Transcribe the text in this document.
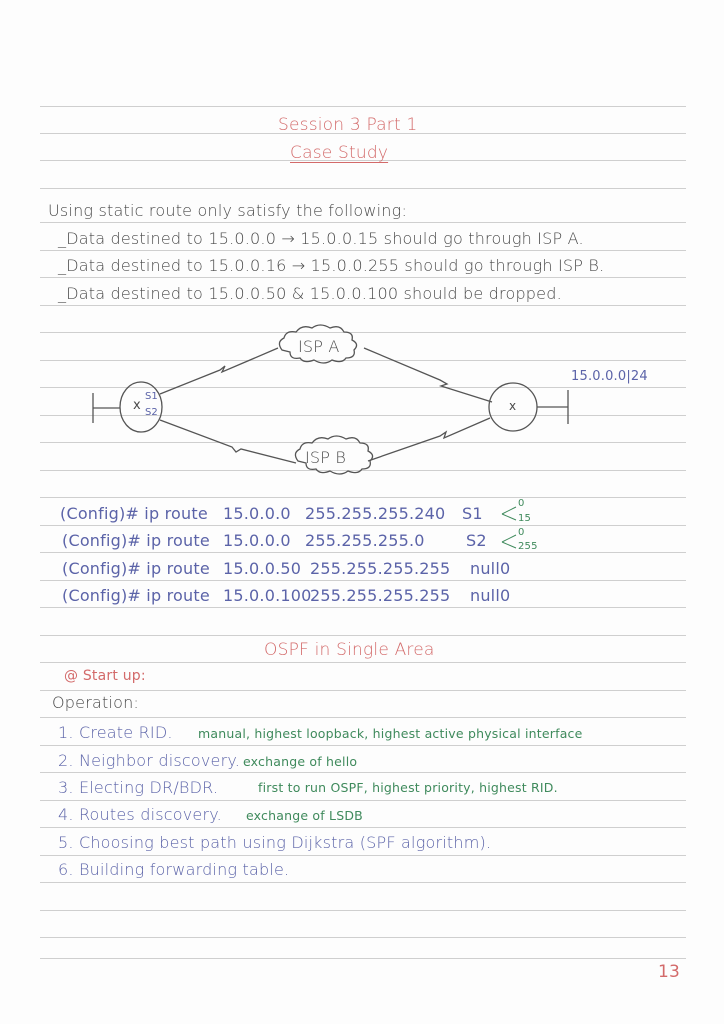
Session 3 Part 1
Case Study
Using static route only satisfy the following:
_Data destined to 15.0.0.0 → 15.0.0.15 should go through ISP A.
_Data destined to 15.0.0.16 → 15.0.0.255 should go through ISP B.
_Data destined to 15.0.0.50 & 15.0.0.100 should be dropped.
ISP A
ISP B
x	x
S1
S2
15.0.0.0|24
(Config)# ip route 15.0.0.0 255.255.255.240 S1
0
15
(Config)# ip route 15.0.0.0 255.255.255.0	S2	0
255
(Config)# ip route 15.0.0.50 255.255.255.255 null0
(Config)# ip route 15.0.0.100
255.255.255.255 null0
OSPF in Single Area
@ Start up:
Operation:
1. Create RID. manual, highest loopback, highest active physical interface
2. Neighbor discovery. exchange of hello
3. Electing DR/BDR.	first to run OSPF, highest priority, highest RID.
4. Routes discovery. exchange of LSDB
5. Choosing best path using Dijkstra (SPF algorithm).
6. Building forwarding table.
13
